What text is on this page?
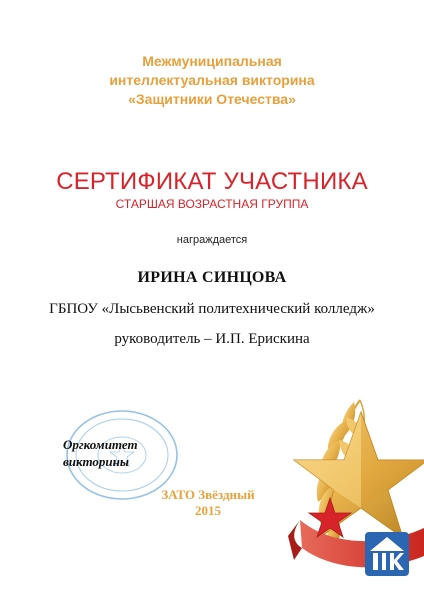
Межмуниципальная
интеллектуальная викторина
«Защитники Отечества»
СЕРТИФИКАТ УЧАСТНИКА
СТАРШАЯ ВОЗРАСТНАЯ ГРУППА
награждается
ИРИНА СИНЦОВА
ГБПОУ «Лысьвенский политехнический колледж»
руководитель – И.П. Ерискина
Оргкомитет
викторины
ЗАТО Звёздный
2015
